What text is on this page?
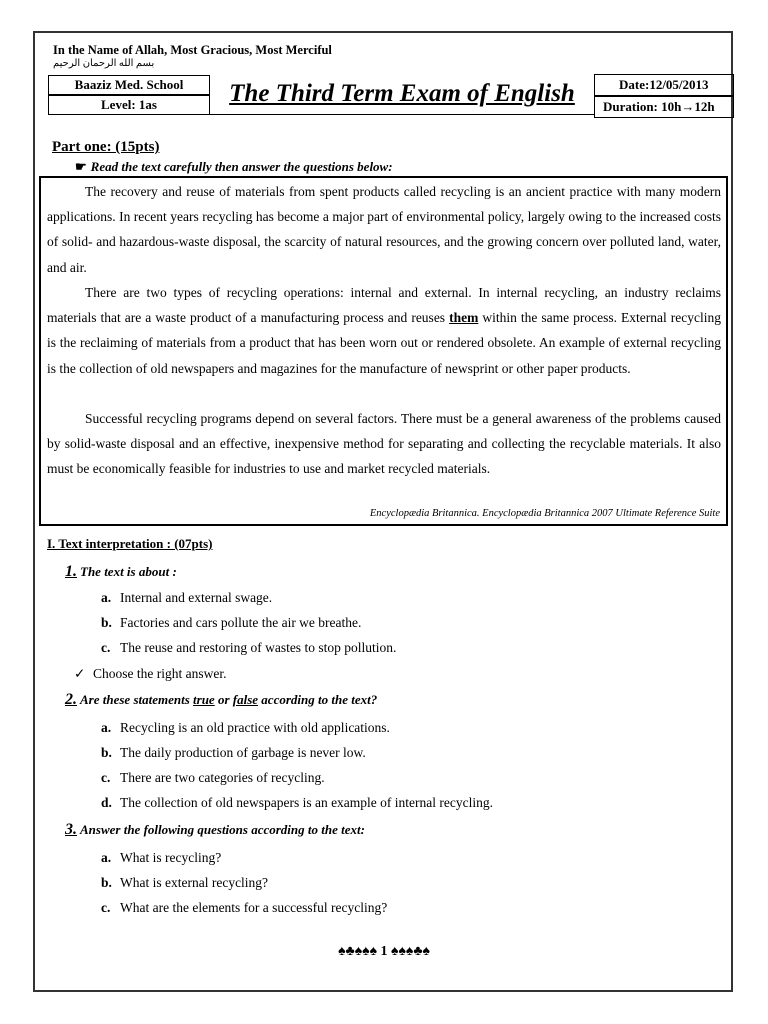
In the Name of Allah, Most Gracious, Most Merciful
بسم الله الرحمان الرحيم
Baaziz Med. School
Level: 1as	The Third Term Exam of English	Date:12/05/2013
Duration: 10h→12h
Part one: (15pts)
☛ Read the text carefully then answer the questions below:

The recovery and reuse of materials from spent products called recycling is an ancient practice with many modern applications. In recent years recycling has become a major part of environmental policy, largely owing to the increased costs of solid- and hazardous-waste disposal, the scarcity of natural resources, and the growing concern over polluted land, water, and air.

There are two types of recycling operations: internal and external. In internal recycling, an industry reclaims materials that are a waste product of a manufacturing process and reuses them within the same process. External recycling is the reclaiming of materials from a product that has been worn out or rendered obsolete. An example of external recycling is the collection of old newspapers and magazines for the manufacture of newsprint or other paper products.

Successful recycling programs depend on several factors. There must be a general awareness of the problems caused by solid-waste disposal and an effective, inexpensive method for separating and collecting the recyclable materials. It also must be economically feasible for industries to use and market recycled materials.

Encyclopædia Britannica. Encyclopædia Britannica 2007 Ultimate Reference Suite
I. Text interpretation : (07pts)
1. The text is about :
a. Internal and external swage.
b. Factories and cars pollute the air we breathe.
c. The reuse and restoring of wastes to stop pollution.
✓ Choose the right answer.
2. Are these statements true or false according to the text?
a. Recycling is an old practice with old applications.
b. The daily production of garbage is never low.
c. There are two categories of recycling.
d. The collection of old newspapers is an example of internal recycling.
3. Answer the following questions according to the text:
a. What is recycling?
b. What is external recycling?
c. What are the elements for a successful recycling?
♠♣♠♠♠ 1 ♠♠♠♣♠
